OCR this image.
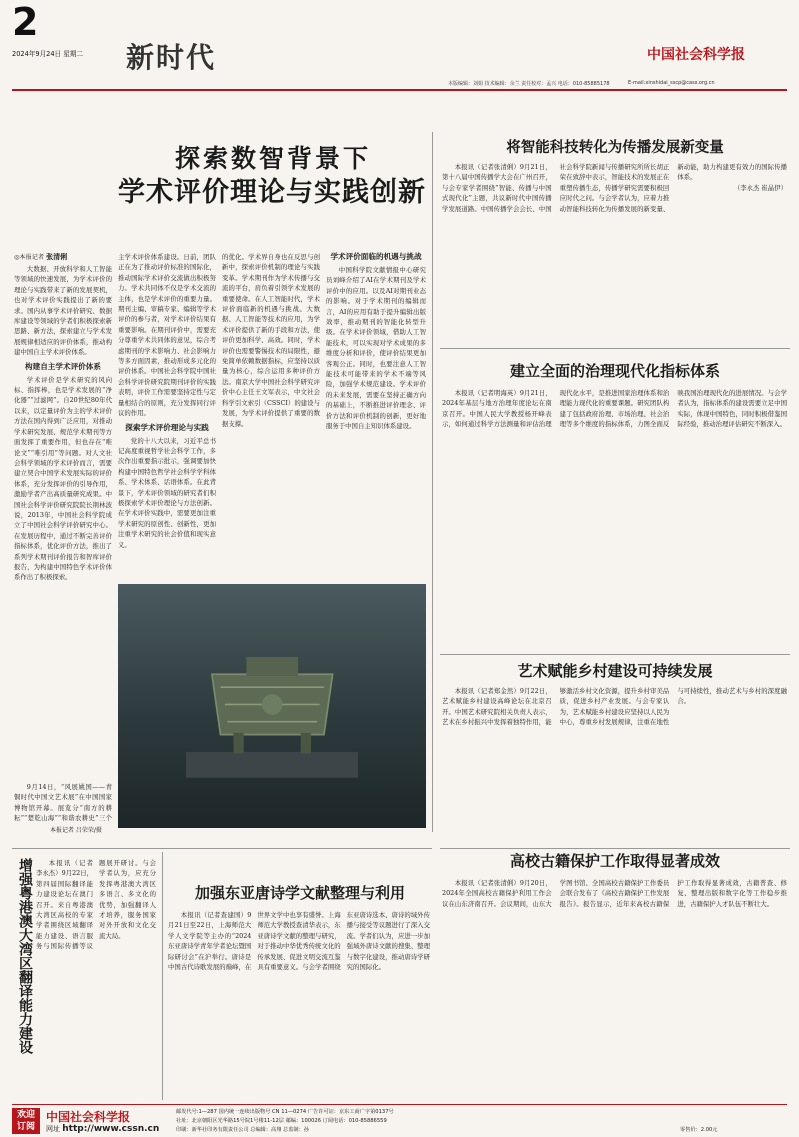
2
2024年9月24日 星期二 新时代	中国社会科学报
本版编辑：刘娟 技术编辑：余兰 责任校对：孟兴 电话：010-85885178	E-mail:xinshidai_sscp@cass.org.cn
探索数智背景下
学术评价理论与实践创新
◎本报记者 张清俐

大数据、开放科学和人工智能等领域的快速发展，为学术评价的理论与实践带来了新的发展契机，也对学术评价实践提出了新的要求。国内从事学术评价研究、数据库建设等领域的学者们积极探索新思路、新方法，探索建立与学术发展规律相适应的评价体系，推动构建中国自主学术评价体系。

构建自主学术评价体系

学术评价是学术研究的风向标、指挥棒，也是学术发展的“净化器”“过滤网”。自20世纪80年代以来，以定量评价为主的学术评价方法在国内得到广泛应用，对推动学术研究发展、规范学术期刊等方面发挥了重要作用，但也存在“唯论文”“唯引用”等问题。对人文社会科学领域的学术评价而言，需要建立契合中国学术发展实际的评价体系，充分发挥评价的引导作用，激励学者产出高质量研究成果。中国社会科学评价研究院院长荆林波说，2013年，中国社会科学院成立了中国社会科学评价研究中心。在发展历程中，通过不断完善评价指标体系，优化评价方法，推出了系列学术期刊评价报告和智库评价报告，为构建中国特色学术评价体系作出了积极探索。

主学术评价体系建设。日前，团队正在为了推动评价标准的国际化，推动国际学术评价交流做出积极努力。学术共同体不仅是学术交流的主体，也是学术评价的重要力量。期刊主编、审稿专家、编辑等学术评价的参与者，对学术评价结果有重要影响。在期刊评价中，需要充分尊重学术共同体的意见，综合考虑期刊的学术影响力、社会影响力等多方面因素，推动形成多元化的评价体系。中国社会科学院中国社会科学评价研究院期刊评价的实践表明，评价工作需要坚持定性与定量相结合的原则，充分发挥同行评议的作用。

探索学术评价理论与实践

党的十八大以来，习近平总书记高度重视哲学社会科学工作，多次作出重要指示批示，强调要加快构建中国特色哲学社会科学学科体系、学术体系、话语体系。在此背景下，学术评价领域的研究者们积极探索学术评价理论与方法创新。在学术评价实践中，需要更加注重学术研究的原创性、创新性，更加注重学术研究的社会价值和现实意义。

的优化。学术界自身也在反思与创新中，探索评价机制的理论与实践变革。学术期刊作为学术传播与交流的平台，肩负着引领学术发展的重要使命。在人工智能时代，学术评价面临新的机遇与挑战。大数据、人工智能等技术的应用，为学术评价提供了新的手段和方法，使评价更加科学、高效。同时，学术评价也需要警惕技术的局限性，避免简单依赖数据指标，应坚持以质量为核心，综合运用多种评价方法。南京大学中国社会科学研究评价中心主任王文军表示，中文社会科学引文索引（CSSCI）的建设与发展，为学术评价提供了重要的数据支撑。

学术评价面临的机遇与挑战

中国科学院文献情报中心研究员刘峰介绍了AI在学术期刊及学术评价中的应用。以及AI对期刊业态的影响。对于学术期刊的编辑而言，AI的应用有助于提升编辑出版效率，推动期刊的智能化转型升级。在学术评价领域，借助人工智能技术，可以实现对学术成果的多维度分析和评价，使评价结果更加客观公正。同时，也要注意人工智能技术可能带来的学术不端等风险，加强学术规范建设。学术评价的未来发展，需要在坚持正确方向的基础上，不断推进评价理念、评价方法和评价机制的创新，更好地服务于中国自主知识体系建设。

9月14日，“风展姚国——青铜时代中国文艺术展”在中国国家博物馆开幕。展览分“南方的耕耘”“楚乾山海”“和谐农耕史”三个

本报记者 吕荣荣/摄
将智能科技转化为传播发展新变量

本报讯（记者张清俐）9月21日，第十八届中国传播学大会在广州召开，与会专家学者围绕“智能、传播与中国式现代化”主题，共议新时代中国传播学发展道路。中国传播学会会长、中国社会科学院新闻与传播研究所所长胡正荣在致辞中表示，智能技术的发展正在重塑传播生态，传播学研究需要积极回应时代之问。与会学者认为，应着力推动智能科技转化为传播发展的新变量、新动能，助力构建更有效力的国际传播体系。

（李永杰 崔晶伊）

建立全面的治理现代化指标体系

本报讯（记者明海英）9月21日，2024年基层与地方治理年度论坛在南京召开。中国人民大学教授杨开峰表示，如何通过科学方法测量和评估治理现代化水平，是推进国家治理体系和治理能力现代化的重要课题。研究团队构建了包括政府治理、市场治理、社会治理等多个维度的指标体系，力图全面反映我国治理现代化的进展情况。与会学者认为，指标体系的建设需要立足中国实际，体现中国特色，同时积极借鉴国际经验，推动治理评估研究不断深入。

艺术赋能乡村建设可持续发展

本报讯（记者郑金然）9月22日，艺术赋能乡村建设高峰论坛在北京召开。中国艺术研究院相关负责人表示，艺术在乡村振兴中发挥着独特作用，能够激活乡村文化资源，提升乡村审美品质，促进乡村产业发展。与会专家认为，艺术赋能乡村建设应坚持以人民为中心，尊重乡村发展规律，注重在地性与可持续性，推动艺术与乡村的深度融合。

高校古籍保护工作取得显著成效

本报讯（记者张清俐）9月20日，2024年全国高校古籍保护利用工作会议在山东济南召开。会议期间，山东大学图书馆、全国高校古籍保护工作委员会联合发布了《高校古籍保护工作发展报告》。报告显示，近年来高校古籍保护工作取得显著成效，古籍普查、修复、整理出版和数字化等工作稳步推进，古籍保护人才队伍不断壮大。

增强粤港澳大湾区翻译能力建设	本报讯（记者李永杰）9月22日，第四届国际翻译能力建设论坛在澳门召开。来自粤港澳大湾区高校的专家学者围绕区域翻译能力建设、语言服务与国际传播等议题展开研讨。与会学者认为，应充分发挥粤港澳大湾区多语言、多文化的优势，加强翻译人才培养，服务国家对外开放和文化交流大局。

加强东亚唐诗学文献整理与利用

本报讯（记者查建国）9月21日至22日，上海师范大学人文学院等主办的“2024东亚唐诗学青年学者论坛暨国际研讨会”在沪举行。唐诗是中国古代诗歌发展的巅峰，在世界文学中也享有盛誉。上海师范大学教授查清华表示，东亚唐诗学文献的整理与研究，对于推动中华优秀传统文化的传承发展、促进文明交流互鉴具有重要意义。与会学者围绕东亚唐诗选本、唐诗的域外传播与接受等议题进行了深入交流。学者们认为，应进一步加强域外唐诗文献的搜集、整理与数字化建设，推动唐诗学研究的国际化。

欢迎订阅
中国社会科学报
网址 http://www.cssn.cn
邮发代号:1—287 国内统一连续出版物号 CN 11—0274 广告许可证：京东工商广字第0137号
社址：北京朝阳区光华路15号院1号楼11-12层 邮编：100026 订阅电话：010-85886559
印刷：新华社印务有限责任公司 总编辑：高翔 总监制：孙	零售价：2.00元
